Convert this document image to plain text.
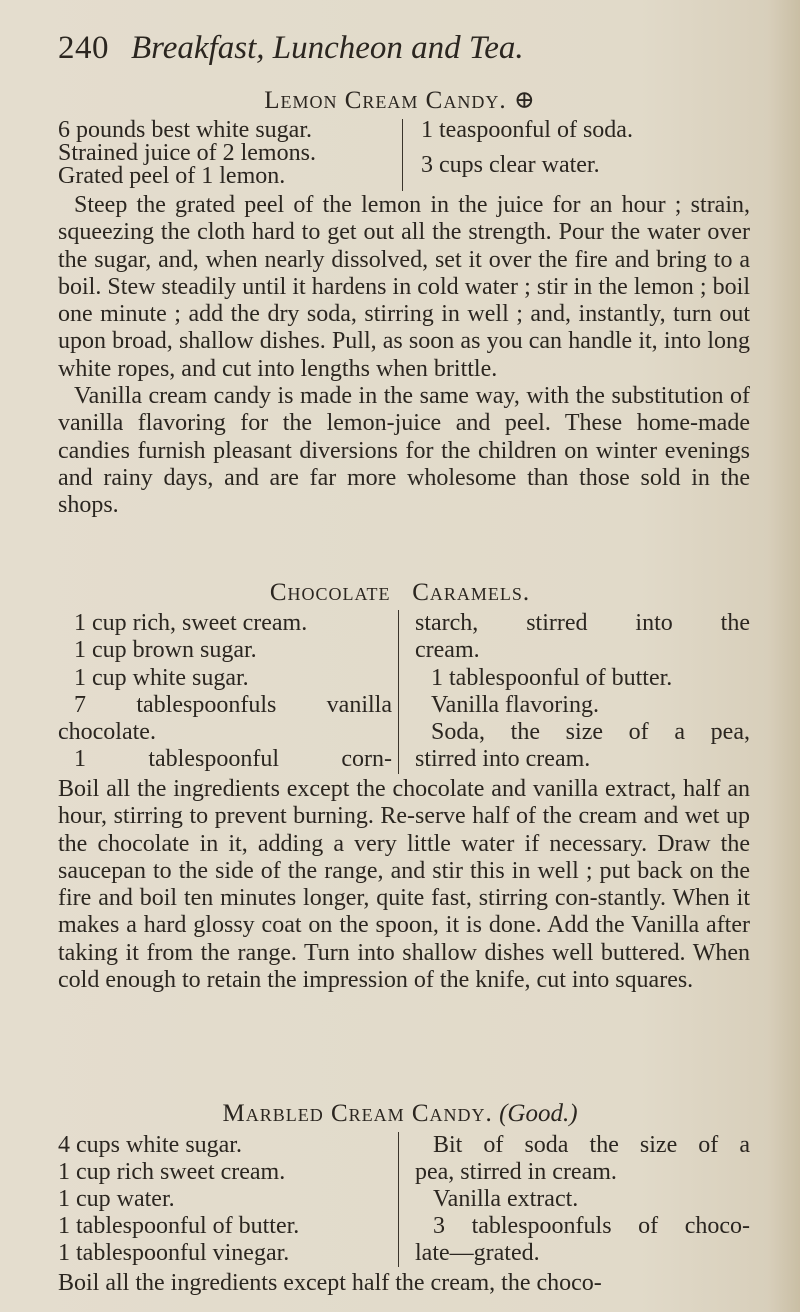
240 Breakfast, Luncheon and Tea.
Lemon Cream Candy. ⊕
6 pounds best white sugar.
Strained juice of 2 lemons.
Grated peel of 1 lemon.
1 teaspoonful of soda.
3 cups clear water.

Steep the grated peel of the lemon in the juice for an hour ; strain, squeezing the cloth hard to get out all the strength. Pour the water over the sugar, and, when nearly dissolved, set it over the fire and bring to a boil. Stew steadily until it hardens in cold water ; stir in the lemon ; boil one minute ; add the dry soda, stirring in well ; and, instantly, turn out upon broad, shallow dishes. Pull, as soon as you can handle it, into long white ropes, and cut into lengths when brittle.

Vanilla cream candy is made in the same way, with the substitution of vanilla flavoring for the lemon-juice and peel. These home-made candies furnish pleasant diversions for the children on winter evenings and rainy days, and are far more wholesome than those sold in the shops.

Chocolate Caramels.
1 cup rich, sweet cream.
1 cup brown sugar.
1 cup white sugar.
7 tablespoonfuls vanilla
chocolate.
1 tablespoonful corn-
starch, stirred into the
cream.
1 tablespoonful of butter.
Vanilla flavoring.
Soda, the size of a pea,
stirred into cream.

Boil all the ingredients except the chocolate and vanilla extract, half an hour, stirring to prevent burning. Re-serve half of the cream and wet up the chocolate in it, adding a very little water if necessary. Draw the saucepan to the side of the range, and stir this in well ; put back on the fire and boil ten minutes longer, quite fast, stirring con-stantly. When it makes a hard glossy coat on the spoon, it is done. Add the Vanilla after taking it from the range. Turn into shallow dishes well buttered. When cold enough to retain the impression of the knife, cut into squares.

Marbled Cream Candy. (Good.)
4 cups white sugar.
1 cup rich sweet cream.
1 cup water.
1 tablespoonful of butter.
1 tablespoonful vinegar.
Bit of soda the size of a
pea, stirred in cream.
Vanilla extract.
3 tablespoonfuls of choco-
late—grated.

Boil all the ingredients except half the cream, the choco-
